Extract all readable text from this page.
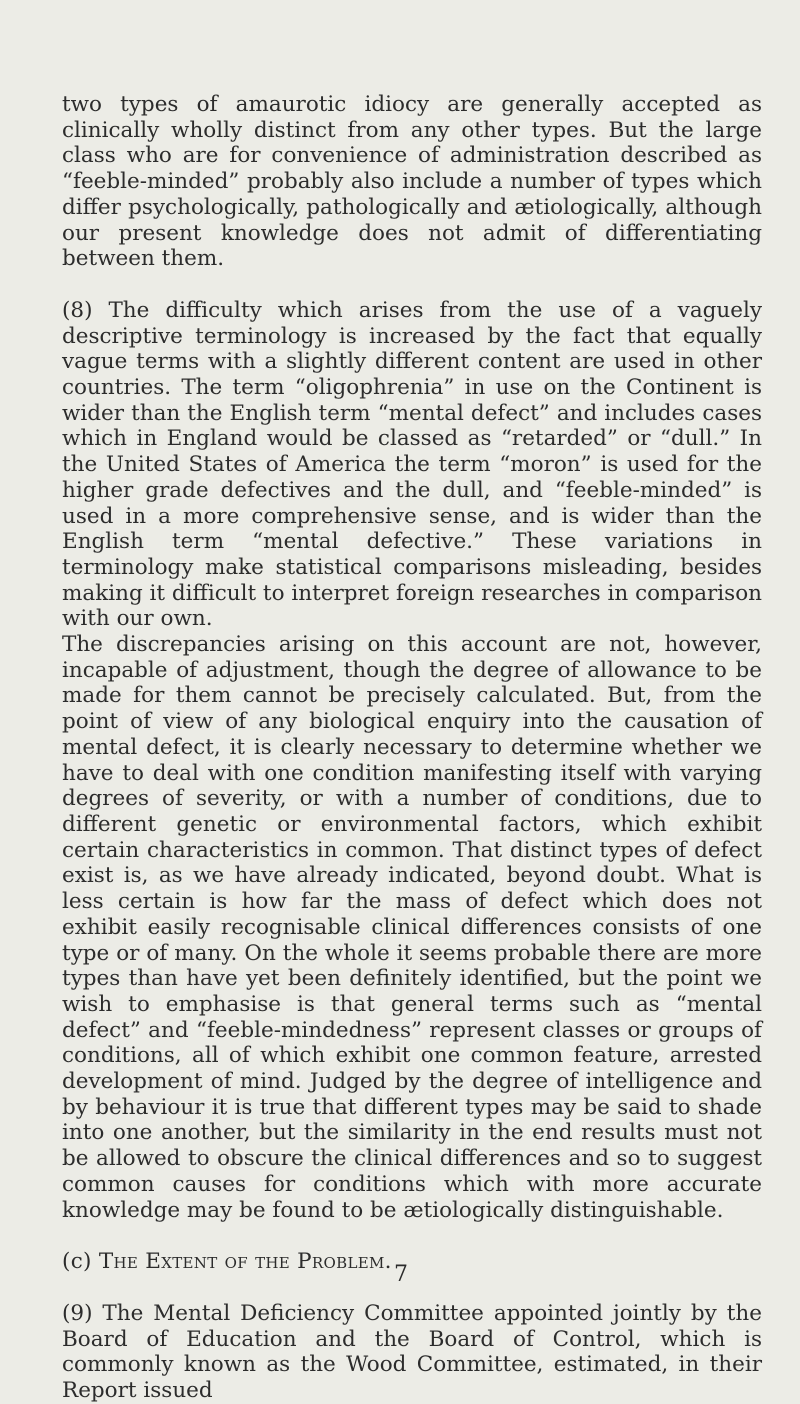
two types of amaurotic idiocy are generally accepted as clinically wholly distinct from any other types. But the large class who are for convenience of administration described as “feeble-minded” probably also include a number of types which differ psychologically, pathologically and ætiologically, although our present knowledge does not admit of differentiating between them.

(8) The difficulty which arises from the use of a vaguely descriptive terminology is increased by the fact that equally vague terms with a slightly different content are used in other countries. The term “oligophrenia” in use on the Continent is wider than the English term “mental defect” and includes cases which in England would be classed as “retarded” or “dull.” In the United States of America the term “moron” is used for the higher grade defectives and the dull, and “feeble-minded” is used in a more comprehensive sense, and is wider than the English term “mental defective.” These variations in terminology make statistical comparisons misleading, besides making it difficult to interpret foreign researches in comparison with our own.

The discrepancies arising on this account are not, however, incapable of adjustment, though the degree of allowance to be made for them cannot be precisely calculated. But, from the point of view of any biological enquiry into the causation of mental defect, it is clearly necessary to determine whether we have to deal with one condition manifesting itself with varying degrees of severity, or with a number of conditions, due to different genetic or environmental factors, which exhibit certain characteristics in common. That distinct types of defect exist is, as we have already indicated, beyond doubt. What is less certain is how far the mass of defect which does not exhibit easily recognisable clinical differences consists of one type or of many. On the whole it seems probable there are more types than have yet been definitely identified, but the point we wish to emphasise is that general terms such as “mental defect” and “feeble-mindedness” represent classes or groups of conditions, all of which exhibit one common feature, arrested development of mind. Judged by the degree of intelligence and by behaviour it is true that different types may be said to shade into one another, but the similarity in the end results must not be allowed to obscure the clinical differences and so to suggest common causes for conditions which with more accurate knowledge may be found to be ætiologically distinguishable.

(c) The Extent of the Problem.

(9) The Mental Deficiency Committee appointed jointly by the Board of Education and the Board of Control, which is commonly known as the Wood Committee, estimated, in their Report issued

7
